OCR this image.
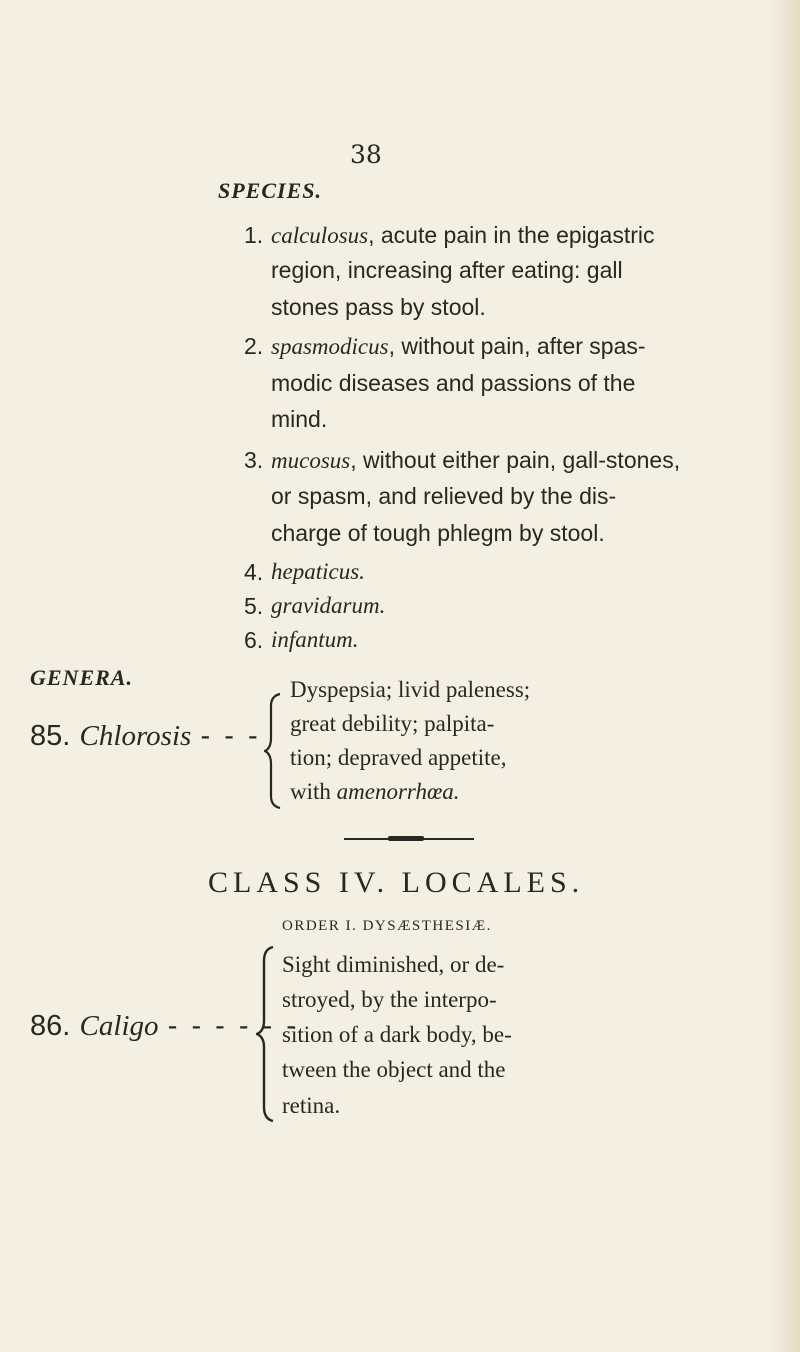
38
SPECIES.
1. calculosus, acute pain in the epigastric
region, increasing after eating: gall
stones pass by stool.
2. spasmodicus, without pain, after spas-
modic diseases and passions of the
mind.
3. mucosus, without either pain, gall-stones,
or spasm, and relieved by the dis-
charge of tough phlegm by stool.
4. hepaticus.
5. gravidarum.
6. infantum.
GENERA.
85. Chlorosis - - -
Dyspepsia; livid paleness;
great debility; palpita-
tion; depraved appetite,
with amenorrhœa.
CLASS IV. LOCALES.
ORDER I. DYSÆSTHESIÆ.
86. Caligo - - - - - -
Sight diminished, or de-
stroyed, by the interpo-
sition of a dark body, be-
tween the object and the
retina.
